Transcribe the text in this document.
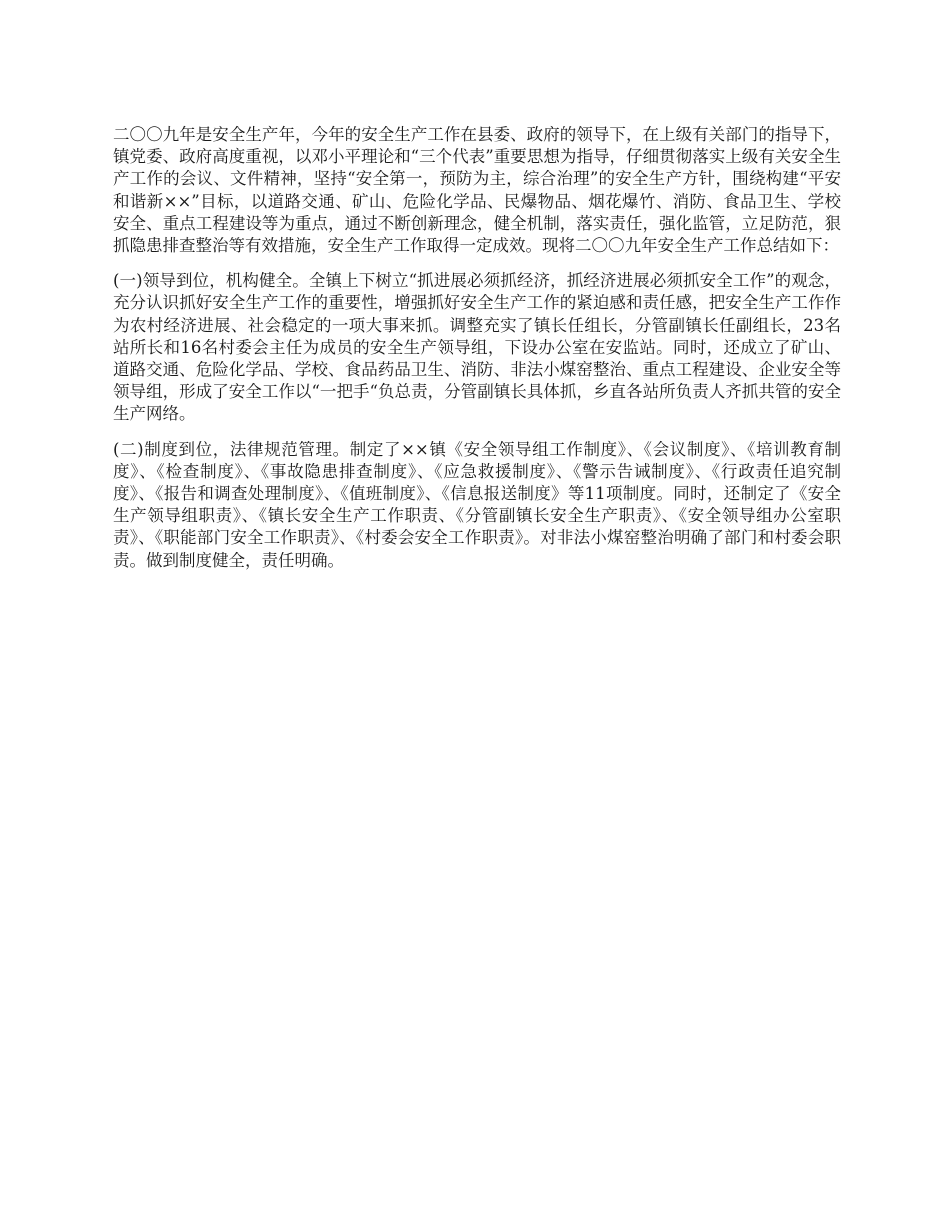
二〇〇九年是安全生产年，今年的安全生产工作在县委、政府的领导下，在上级有关部门的指导下，镇党委、政府高度重视，以邓小平理论和“三个代表”重要思想为指导，仔细贯彻落实上级有关安全生产工作的会议、文件精神，坚持“安全第一，预防为主，综合治理”的安全生产方针，围绕构建“平安和谐新××”目标，以道路交通、矿山、危险化学品、民爆物品、烟花爆竹、消防、食品卫生、学校安全、重点工程建设等为重点，通过不断创新理念，健全机制，落实责任，强化监管，立足防范，狠抓隐患排查整治等有效措施，安全生产工作取得一定成效。现将二〇〇九年安全生产工作总结如下：

(一)领导到位，机构健全。全镇上下树立“抓进展必须抓经济，抓经济进展必须抓安全工作”的观念，充分认识抓好安全生产工作的重要性，增强抓好安全生产工作的紧迫感和责任感，把安全生产工作作为农村经济进展、社会稳定的一项大事来抓。调整充实了镇长任组长，分管副镇长任副组长，23名站所长和16名村委会主任为成员的安全生产领导组，下设办公室在安监站。同时，还成立了矿山、道路交通、危险化学品、学校、食品药品卫生、消防、非法小煤窑整治、重点工程建设、企业安全等领导组，形成了安全工作以“一把手“负总责，分管副镇长具体抓，乡直各站所负责人齐抓共管的安全生产网络。

(二)制度到位，法律规范管理。制定了××镇《安全领导组工作制度》、《会议制度》、《培训教育制度》、《检查制度》、《事故隐患排查制度》、《应急救援制度》、《警示告诫制度》、《行政责任追究制度》、《报告和调查处理制度》、《值班制度》、《信息报送制度》等11项制度。同时，还制定了《安全生产领导组职责》、《镇长安全生产工作职责、《分管副镇长安全生产职责》、《安全领导组办公室职责》、《职能部门安全工作职责》、《村委会安全工作职责》。对非法小煤窑整治明确了部门和村委会职责。做到制度健全，责任明确。
